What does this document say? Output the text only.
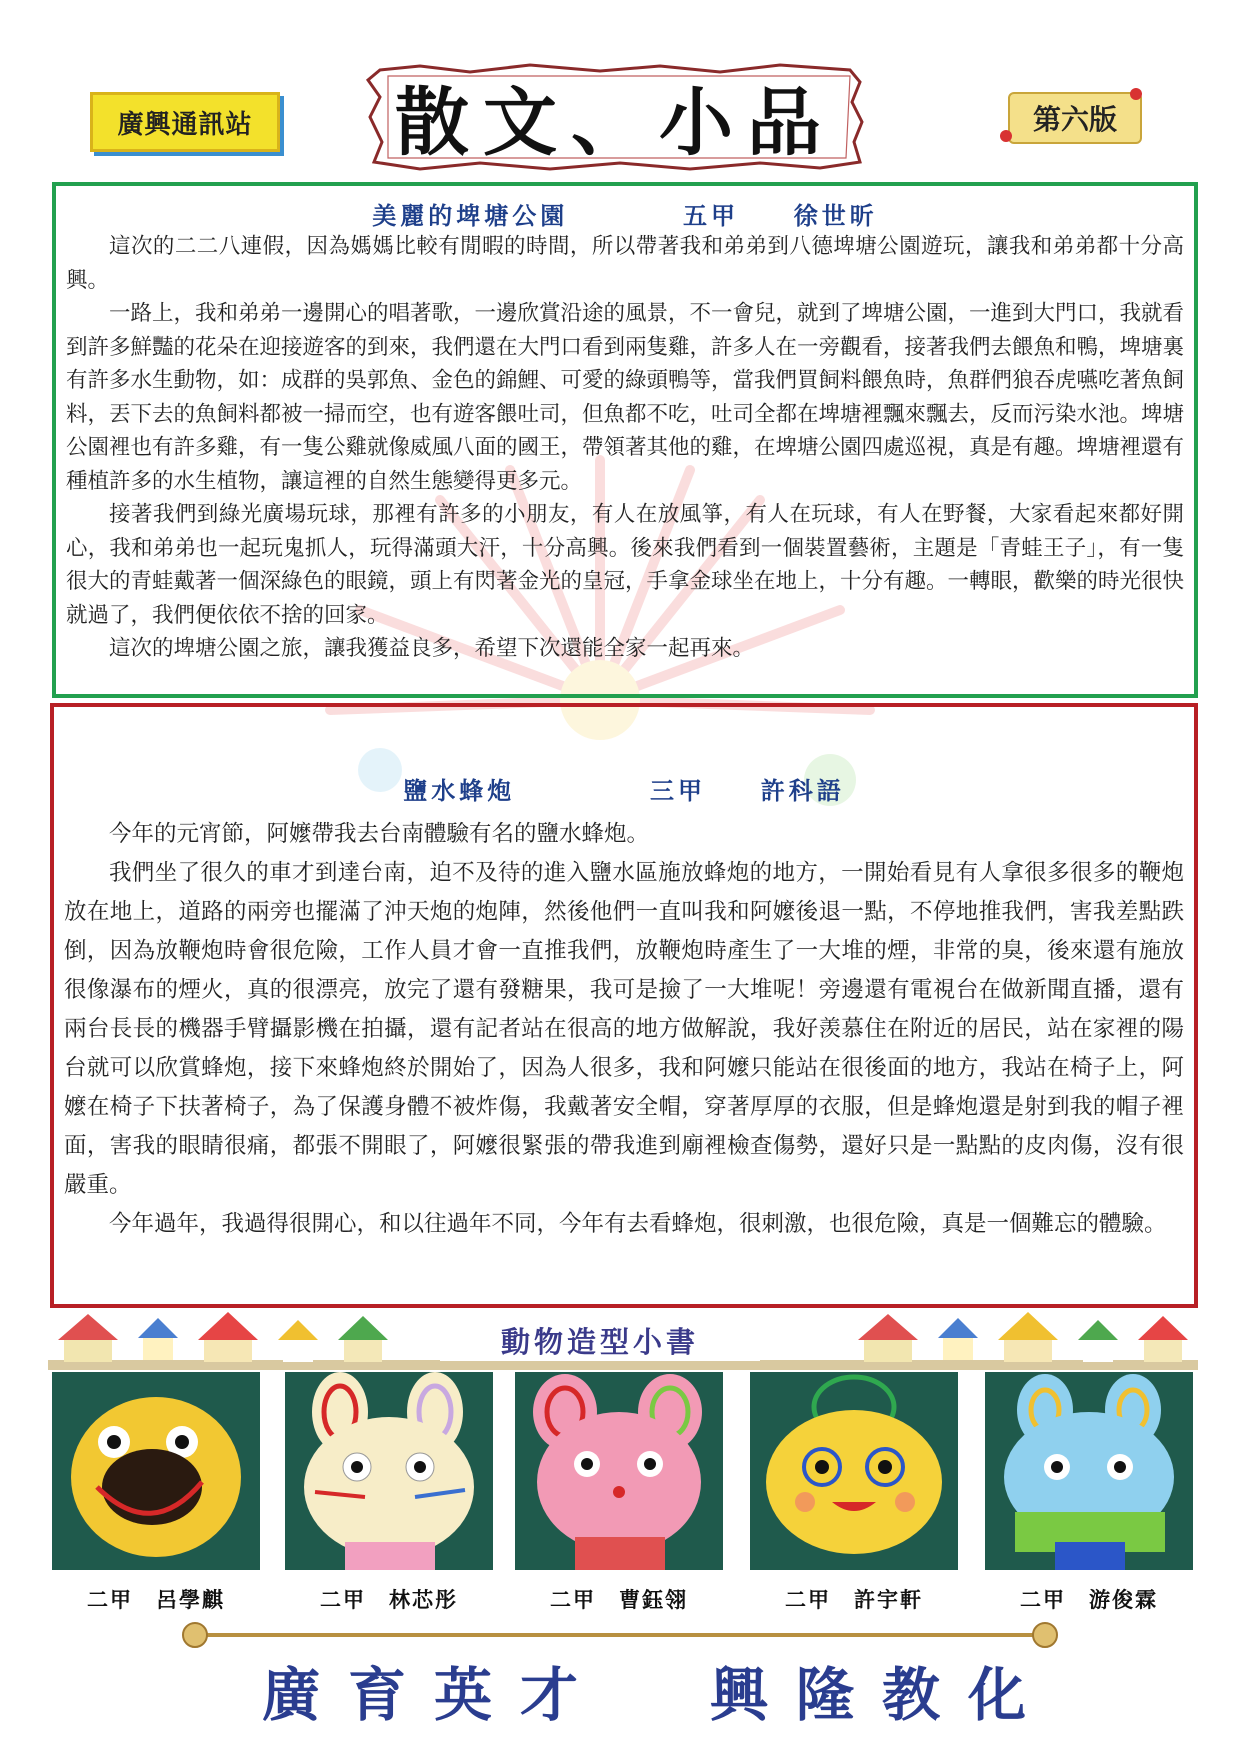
廣興通訊站	散文、小品	第六版
美麗的埤塘公園	五甲 徐世昕

這次的二二八連假，因為媽媽比較有閒暇的時間，所以帶著我和弟弟到八德埤塘公園遊玩，讓我和弟弟都十分高興。

一路上，我和弟弟一邊開心的唱著歌，一邊欣賞沿途的風景，不一會兒，就到了埤塘公園，一進到大門口，我就看到許多鮮豔的花朵在迎接遊客的到來，我們還在大門口看到兩隻雞，許多人在一旁觀看，接著我們去餵魚和鴨，埤塘裏有許多水生動物，如：成群的吳郭魚、金色的錦鯉、可愛的綠頭鴨等，當我們買飼料餵魚時，魚群們狼吞虎嚥吃著魚飼料，丟下去的魚飼料都被一掃而空，也有遊客餵吐司，但魚都不吃，吐司全都在埤塘裡飄來飄去，反而污染水池。埤塘公園裡也有許多雞，有一隻公雞就像威風八面的國王，帶領著其他的雞，在埤塘公園四處巡視，真是有趣。埤塘裡還有種植許多的水生植物，讓這裡的自然生態變得更多元。

接著我們到綠光廣場玩球，那裡有許多的小朋友，有人在放風箏，有人在玩球，有人在野餐，大家看起來都好開心，我和弟弟也一起玩鬼抓人，玩得滿頭大汗，十分高興。後來我們看到一個裝置藝術，主題是「青蛙王子」，有一隻很大的青蛙戴著一個深綠色的眼鏡，頭上有閃著金光的皇冠，手拿金球坐在地上，十分有趣。一轉眼，歡樂的時光很快就過了，我們便依依不捨的回家。

這次的埤塘公園之旅，讓我獲益良多，希望下次還能全家一起再來。

鹽水蜂炮	三甲 許科語

今年的元宵節，阿嬤帶我去台南體驗有名的鹽水蜂炮。

我們坐了很久的車才到達台南，迫不及待的進入鹽水區施放蜂炮的地方，一開始看見有人拿很多很多的鞭炮放在地上，道路的兩旁也擺滿了沖天炮的炮陣，然後他們一直叫我和阿嬤後退一點，不停地推我們，害我差點跌倒，因為放鞭炮時會很危險，工作人員才會一直推我們，放鞭炮時產生了一大堆的煙，非常的臭，後來還有施放很像瀑布的煙火，真的很漂亮，放完了還有發糖果，我可是撿了一大堆呢！旁邊還有電視台在做新聞直播，還有兩台長長的機器手臂攝影機在拍攝，還有記者站在很高的地方做解說，我好羡慕住在附近的居民，站在家裡的陽台就可以欣賞蜂炮，接下來蜂炮終於開始了，因為人很多，我和阿嬤只能站在很後面的地方，我站在椅子上，阿嬤在椅子下扶著椅子，為了保護身體不被炸傷，我戴著安全帽，穿著厚厚的衣服，但是蜂炮還是射到我的帽子裡面，害我的眼睛很痛，都張不開眼了，阿嬤很緊張的帶我進到廟裡檢查傷勢，還好只是一點點的皮肉傷，沒有很嚴重。

今年過年，我過得很開心，和以往過年不同，今年有去看蜂炮，很刺激，也很危險，真是一個難忘的體驗。

動物造型小書
二甲　呂學麒	二甲　林芯彤	二甲　曹鈺翎	二甲　許宇軒	二甲　游俊霖
廣育英才 興隆教化
